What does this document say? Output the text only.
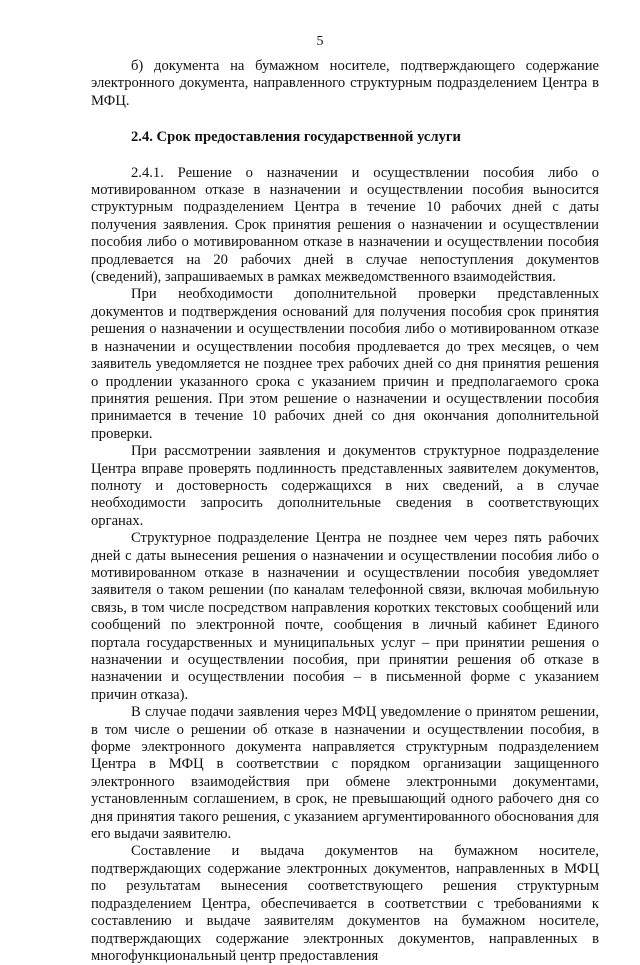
5

б) документа на бумажном носителе, подтверждающего содержание электронного документа, направленного структурным подразделением Центра в МФЦ.

2.4. Срок предоставления государственной услуги

2.4.1. Решение о назначении и осуществлении пособия либо о мотивированном отказе в назначении и осуществлении пособия выносится структурным подразделением Центра в течение 10 рабочих дней с даты получения заявления. Срок принятия решения о назначении и осуществлении пособия либо о мотивированном отказе в назначении и осуществлении пособия продлевается на 20 рабочих дней в случае непоступления документов (сведений), запрашиваемых в рамках межведомственного взаимодействия.

При необходимости дополнительной проверки представленных документов и подтверждения оснований для получения пособия срок принятия решения о назначении и осуществлении пособия либо о мотивированном отказе в назначении и осуществлении пособия продлевается до трех месяцев, о чем заявитель уведомляется не позднее трех рабочих дней со дня принятия решения о продлении указанного срока с указанием причин и предполагаемого срока принятия решения. При этом решение о назначении и осуществлении пособия принимается в течение 10 рабочих дней со дня окончания дополнительной проверки.

При рассмотрении заявления и документов структурное подразделение Центра вправе проверять подлинность представленных заявителем документов, полноту и достоверность содержащихся в них сведений, а в случае необходимости запросить дополнительные сведения в соответствующих органах.

Структурное подразделение Центра не позднее чем через пять рабочих дней с даты вынесения решения о назначении и осуществлении пособия либо о мотивированном отказе в назначении и осуществлении пособия уведомляет заявителя о таком решении (по каналам телефонной связи, включая мобильную связь, в том числе посредством направления коротких текстовых сообщений или сообщений по электронной почте, сообщения в личный кабинет Единого портала государственных и муниципальных услуг – при принятии решения о назначении и осуществлении пособия, при принятии решения об отказе в назначении и осуществлении пособия – в письменной форме с указанием причин отказа).

В случае подачи заявления через МФЦ уведомление о принятом решении, в том числе о решении об отказе в назначении и осуществлении пособия, в форме электронного документа направляется структурным подразделением Центра в МФЦ в соответствии с порядком организации защищенного электронного взаимодействия при обмене электронными документами, установленным соглашением, в срок, не превышающий одного рабочего дня со дня принятия такого решения, с указанием аргументированного обоснования для его выдачи заявителю.

Составление и выдача документов на бумажном носителе, подтверждающих содержание электронных документов, направленных в МФЦ по результатам вынесения соответствующего решения структурным подразделением Центра, обеспечивается в соответствии с требованиями к составлению и выдаче заявителям документов на бумажном носителе, подтверждающих содержание электронных документов, направленных в многофункциональный центр предоставления
